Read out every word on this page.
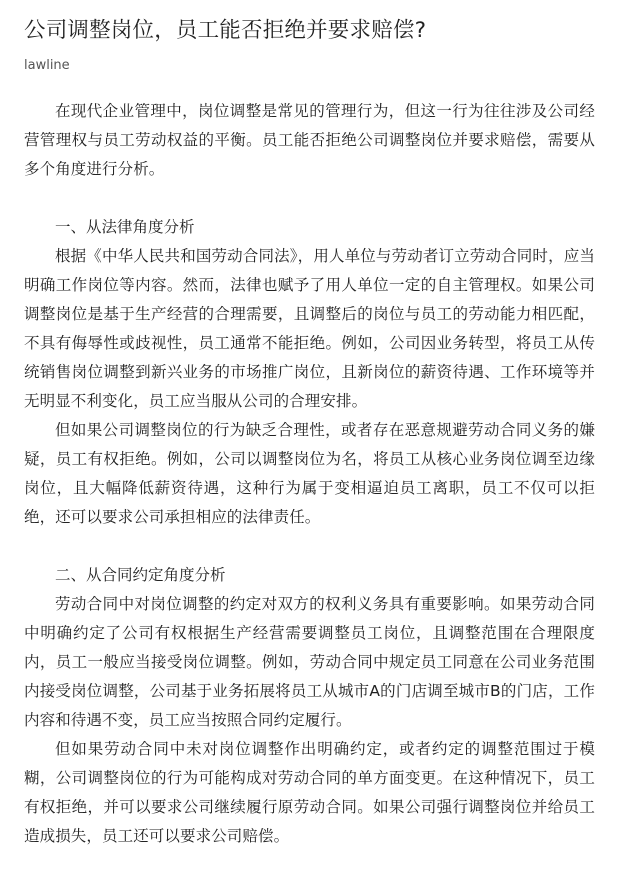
公司调整岗位，员工能否拒绝并要求赔偿?
lawline

在现代企业管理中，岗位调整是常见的管理行为，但这一行为往往涉及公司经营管理权与员工劳动权益的平衡。员工能否拒绝公司调整岗位并要求赔偿，需要从多个角度进行分析。

一、从法律角度分析

根据《中华人民共和国劳动合同法》，用人单位与劳动者订立劳动合同时，应当明确工作岗位等内容。然而，法律也赋予了用人单位一定的自主管理权。如果公司调整岗位是基于生产经营的合理需要，且调整后的岗位与员工的劳动能力相匹配，不具有侮辱性或歧视性，员工通常不能拒绝。例如，公司因业务转型，将员工从传统销售岗位调整到新兴业务的市场推广岗位，且新岗位的薪资待遇、工作环境等并无明显不利变化，员工应当服从公司的合理安排。

但如果公司调整岗位的行为缺乏合理性，或者存在恶意规避劳动合同义务的嫌疑，员工有权拒绝。例如，公司以调整岗位为名，将员工从核心业务岗位调至边缘岗位，且大幅降低薪资待遇，这种行为属于变相逼迫员工离职，员工不仅可以拒绝，还可以要求公司承担相应的法律责任。

二、从合同约定角度分析

劳动合同中对岗位调整的约定对双方的权利义务具有重要影响。如果劳动合同中明确约定了公司有权根据生产经营需要调整员工岗位，且调整范围在合理限度内，员工一般应当接受岗位调整。例如，劳动合同中规定员工同意在公司业务范围内接受岗位调整，公司基于业务拓展将员工从城市A的门店调至城市B的门店，工作内容和待遇不变，员工应当按照合同约定履行。

但如果劳动合同中未对岗位调整作出明确约定，或者约定的调整范围过于模糊，公司调整岗位的行为可能构成对劳动合同的单方面变更。在这种情况下，员工有权拒绝，并可以要求公司继续履行原劳动合同。如果公司强行调整岗位并给员工造成损失，员工还可以要求公司赔偿。
